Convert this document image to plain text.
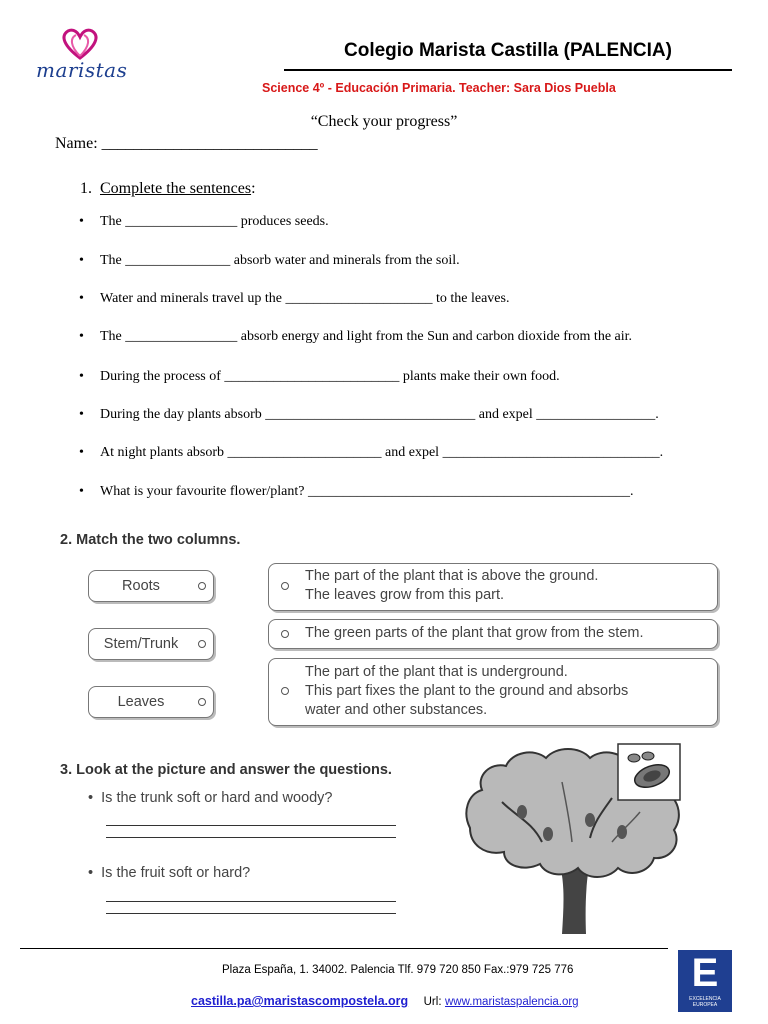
maristas
Colegio Marista Castilla (PALENCIA)
Science 4º - Educación Primaria. Teacher: Sara Dios Puebla
“Check your progress”
Name: ___________________________
1. Complete the sentences:
• The ________________ produces seeds.
• The _______________ absorb water and minerals from the soil.
• Water and minerals travel up the _____________________ to the leaves.
• The ________________ absorb energy and light from the Sun and carbon dioxide from the air.
• During the process of _________________________ plants make their own food.
• During the day plants absorb ______________________________ and expel _________________.
• At night plants absorb ______________________ and expel _______________________________.
• What is your favourite flower/plant? ______________________________________________.
2. Match the two columns.
Roots
Stem/Trunk
Leaves
The part of the plant that is above the ground.
The leaves grow from this part.
The green parts of the plant that grow from the stem.
The part of the plant that is underground.
This part fixes the plant to the ground and absorbs
water and other substances.
3. Look at the picture and answer the questions.
•  Is the trunk soft or hard and woody?
•  Is the fruit soft or hard?
Plaza España, 1. 34002. Palencia Tlf. 979 720 850 Fax.:979 725 776
castilla.pa@maristascompostela.org Url: www.maristaspalencia.org
E
EXCELENCIA EUROPEA
